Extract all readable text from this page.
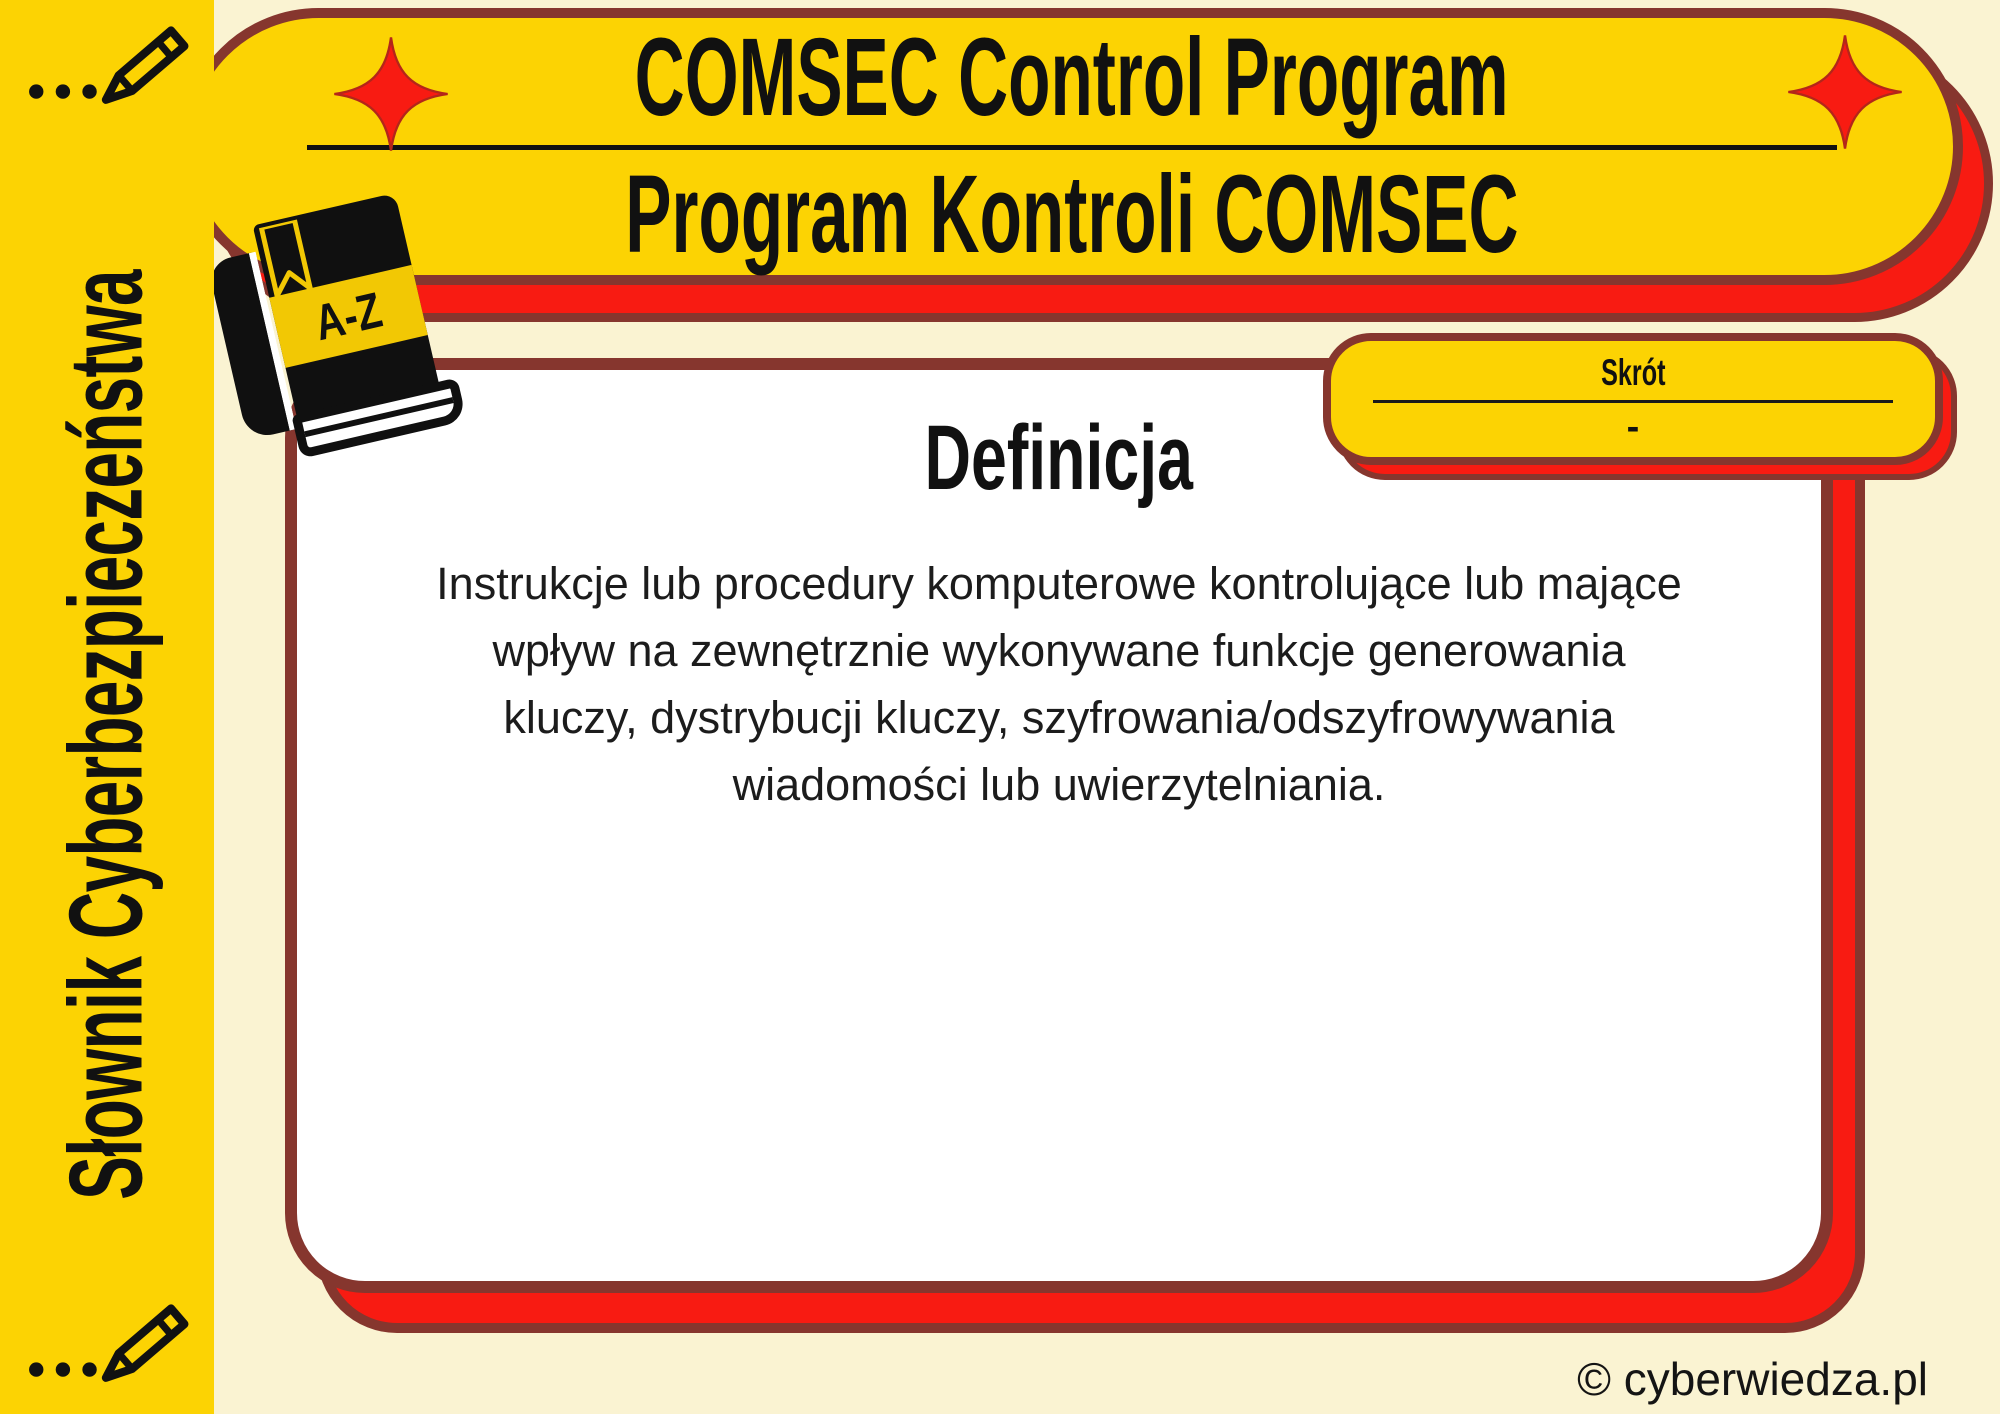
Słownik Cyberbezpieczeństwa
COMSEC Control Program
Program Kontroli COMSEC
Skrót
-
Definicja

Instrukcje lub procedury komputerowe kontrolujące lub mające
wpływ na zewnętrznie wykonywane funkcje generowania
kluczy, dystrybucji kluczy, szyfrowania/odszyfrowywania
wiadomości lub uwierzytelniania.

A-Z
© cyberwiedza.pl
